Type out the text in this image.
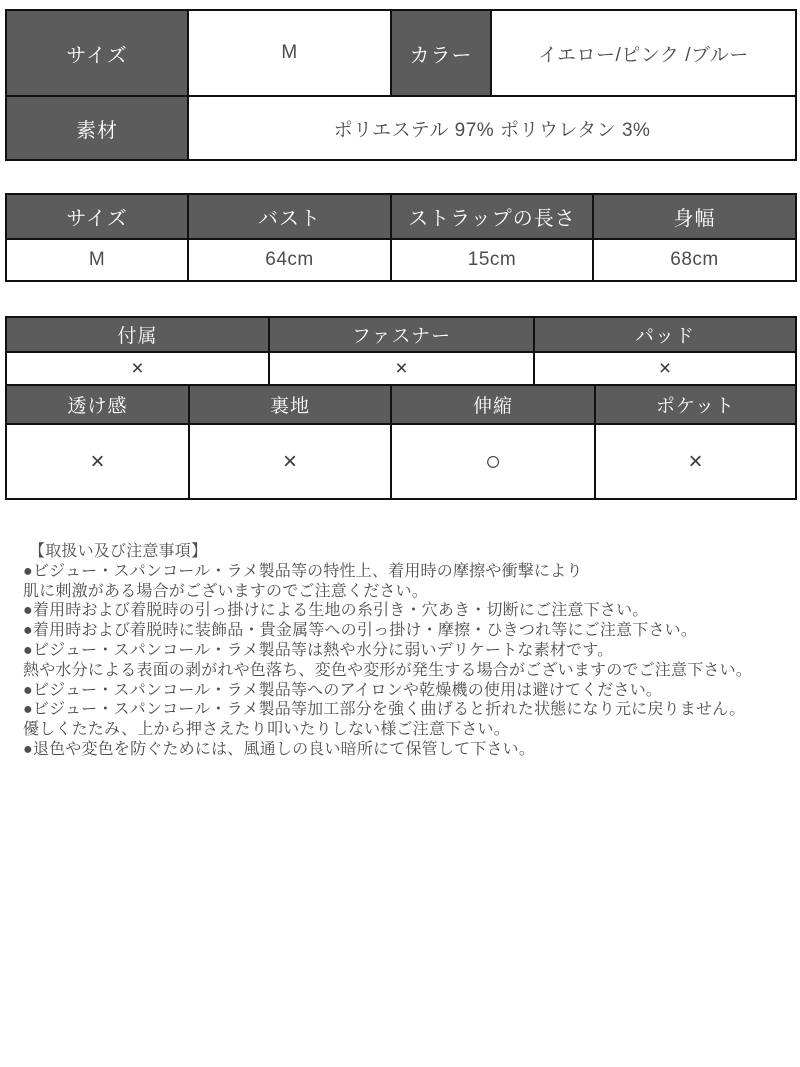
サイズ	M	カラー	イエロー/ピンク /ブルー
素材	ポリエステル 97% ポリウレタン 3%		
サイズ	バスト	ストラップの長さ	身幅
M	64cm	15cm	68cm
付属	ファスナー	パッド
×	×	×
透け感	裏地	伸縮	ポケット
×	×	○	×
【取扱い及び注意事項】
●ビジュー・スパンコール・ラメ製品等の特性上、着用時の摩擦や衝撃により
肌に刺激がある場合がございますのでご注意ください。
●着用時および着脱時の引っ掛けによる生地の糸引き・穴あき・切断にご注意下さい。
●着用時および着脱時に装飾品・貴金属等への引っ掛け・摩擦・ひきつれ等にご注意下さい。
●ビジュー・スパンコール・ラメ製品等は熱や水分に弱いデリケートな素材です。
熱や水分による表面の剥がれや色落ち、変色や変形が発生する場合がございますのでご注意下さい。
●ビジュー・スパンコール・ラメ製品等へのアイロンや乾燥機の使用は避けてください。
●ビジュー・スパンコール・ラメ製品等加工部分を強く曲げると折れた状態になり元に戻りません。
優しくたたみ、上から押さえたり叩いたりしない様ご注意下さい。
●退色や変色を防ぐためには、風通しの良い暗所にて保管して下さい。
